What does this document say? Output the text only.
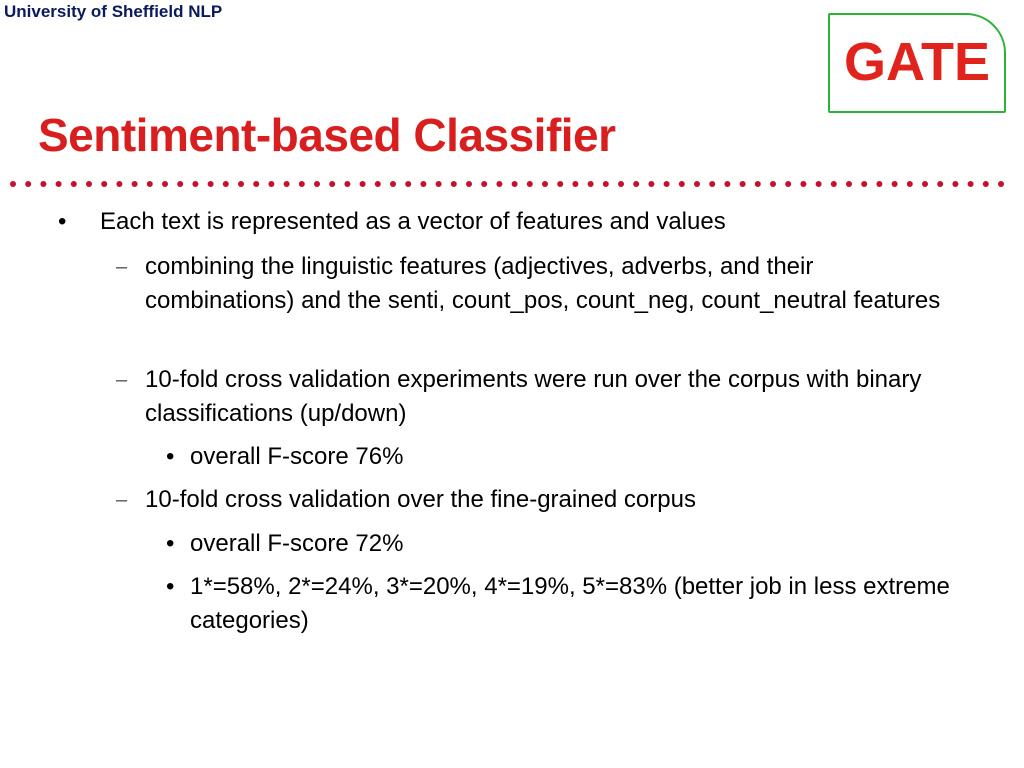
University of Sheffield NLP
GATE
Sentiment-based Classifier
• Each text is represented as a vector of features and values
– combining the linguistic features (adjectives, adverbs, and their combinations) and the senti, count_pos, count_neg, count_neutral features
– 10-fold cross validation experiments were run over the corpus with binary classifications (up/down)
• overall F-score 76%
– 10-fold cross validation over the fine-grained corpus
• overall F-score 72%
• 1*=58%, 2*=24%, 3*=20%, 4*=19%, 5*=83% (better job in less extreme categories)
